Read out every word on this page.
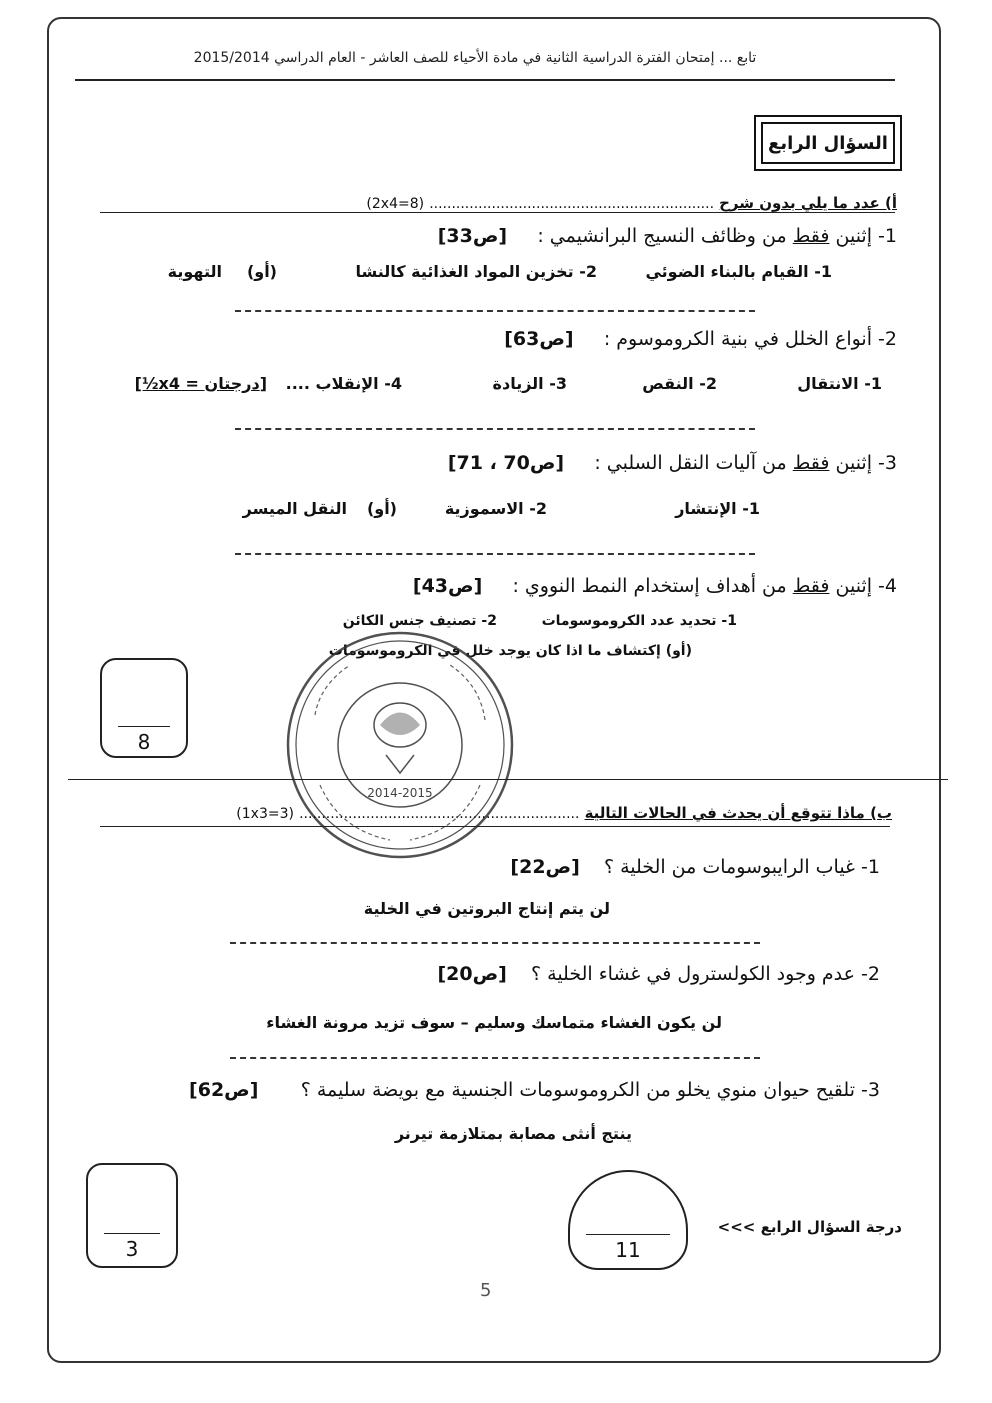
تابع ... إمتحان الفترة الدراسية الثانية في مادة الأحياء للصف العاشر - العام الدراسي 2015/2014
السؤال الرابع
أ) عدد ما يلي بدون شرح ................................................................ (8=2x4)
1- إثنين فقط من وظائف النسيج البرانشيمي :     [ص33]
1- القيام بالبناء الضوئي
2- تخزين المواد الغذائية كالنشا
(أو)
التهوية
2- أنواع الخلل في بنية الكروموسوم :     [ص63]
1- الانتقال
2- النقص
3- الزيادة
4- الإنقلاب ....
[½x4 = درجتان]
3- إثنين فقط من آليات النقل السلبي :     [ص70 ، 71]
1- الإنتشار
2- الاسموزية
(أو)
النقل الميسر
4- إثنين فقط من أهداف إستخدام النمط النووي :     [ص43]
1- تحديد عدد الكروموسومات
2- تصنيف جنس الكائن
(أو) إكتشاف ما اذا كان يوجد خلل في الكروموسومات
8
2014-2015
ب) ماذا تتوقع أن يحدث في الحالات التالية ............................................................... (3=1x3)
1- غياب الرايبوسومات من الخلية ؟    [ص22]
لن يتم إنتاج البروتين في الخلية
2- عدم وجود الكولسترول في غشاء الخلية ؟    [ص20]
لن يكون الغشاء متماسك وسليم – سوف تزيد مرونة الغشاء
3- تلقيح حيوان منوي يخلو من الكروموسومات الجنسية مع بويضة سليمة ؟       [ص62]
ينتج أنثى مصابة بمتلازمة تيرنر
3
درجة السؤال الرابع >>>
11
5
